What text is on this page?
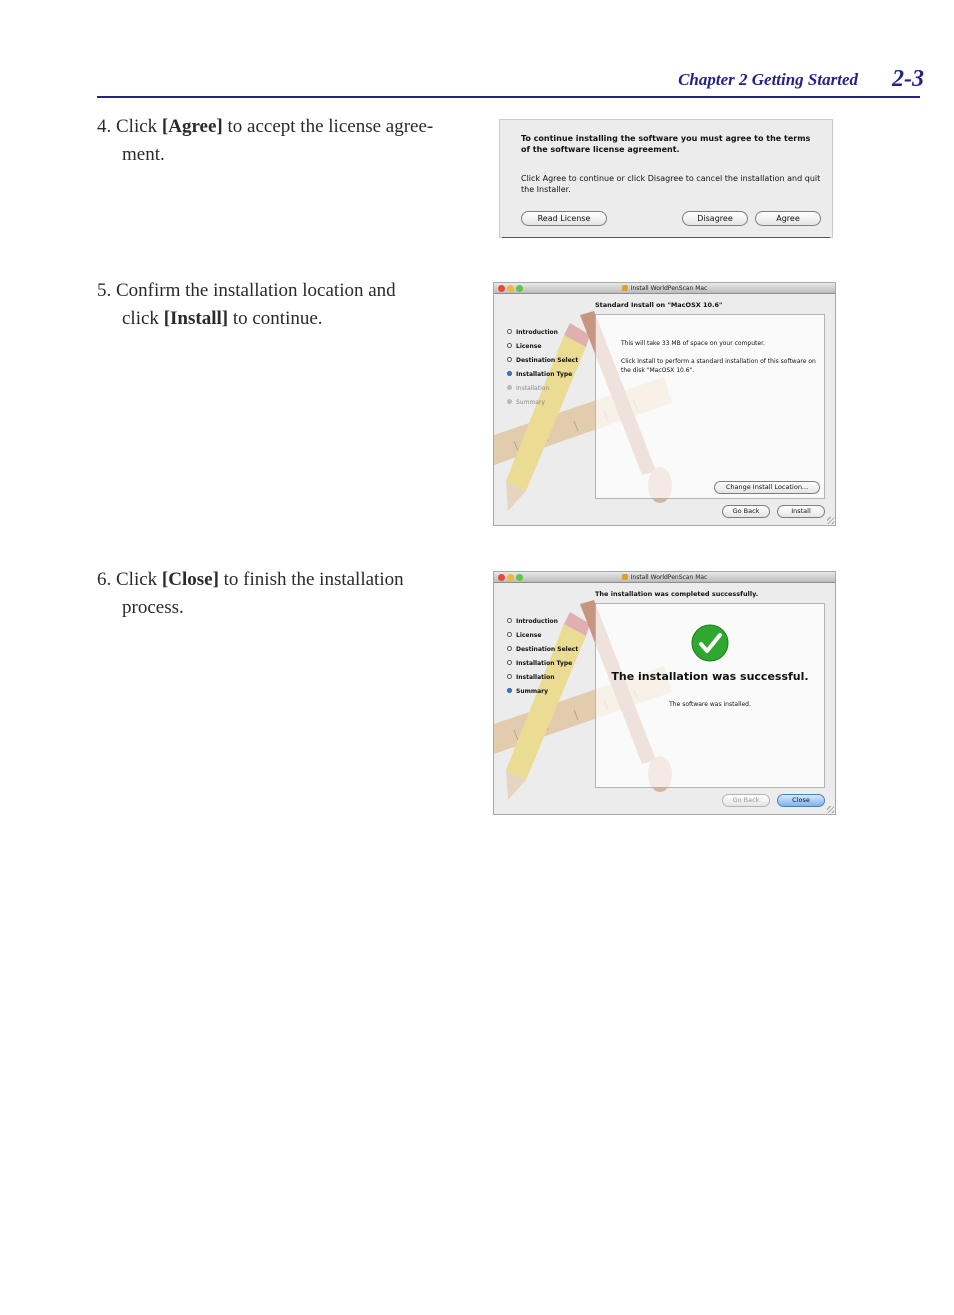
Chapter 2 Getting Started	2-3
4. Click [Agree] to accept the license agree-
ment.
To continue installing the software you must agree to the terms of the software license agreement.
Click Agree to continue or click Disagree to cancel the installation and quit the Installer.
Read License	Disagree	Agree
5. Confirm the installation location and
click [Install] to continue.
Install WorldPenScan Mac
Introduction
License
Destination Select
Installation Type
Installation
Summary
Standard Install on "MacOSX 10.6"
This will take 33 MB of space on your computer.
Click Install to perform a standard installation of this software on the disk "MacOSX 10.6".
Change Install Location...
Go Back	Install
6. Click [Close] to finish the installation
process.
Install WorldPenScan Mac
Introduction
License
Destination Select
Installation Type
Installation
Summary
The installation was completed successfully.
The installation was successful.
The software was installed.
Go Back	Close
